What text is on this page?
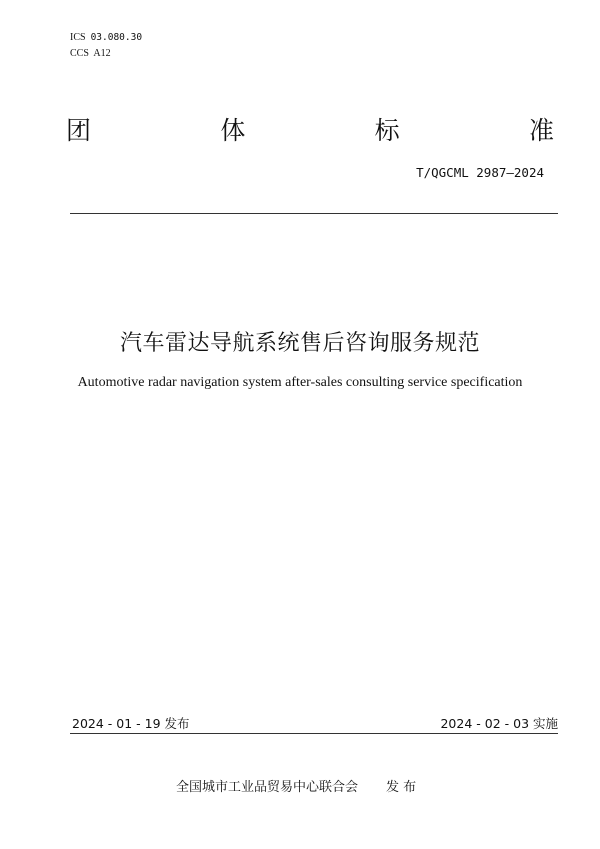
ICS 03.080.30
CCS A12
团	体	标	准
T/QGCML 2987—2024
汽车雷达导航系统售后咨询服务规范
Automotive radar navigation system after-sales consulting service specification
2024 - 01 - 19 发布	2024 - 02 - 03 实施
全国城市工业品贸易中心联合会 发 布
